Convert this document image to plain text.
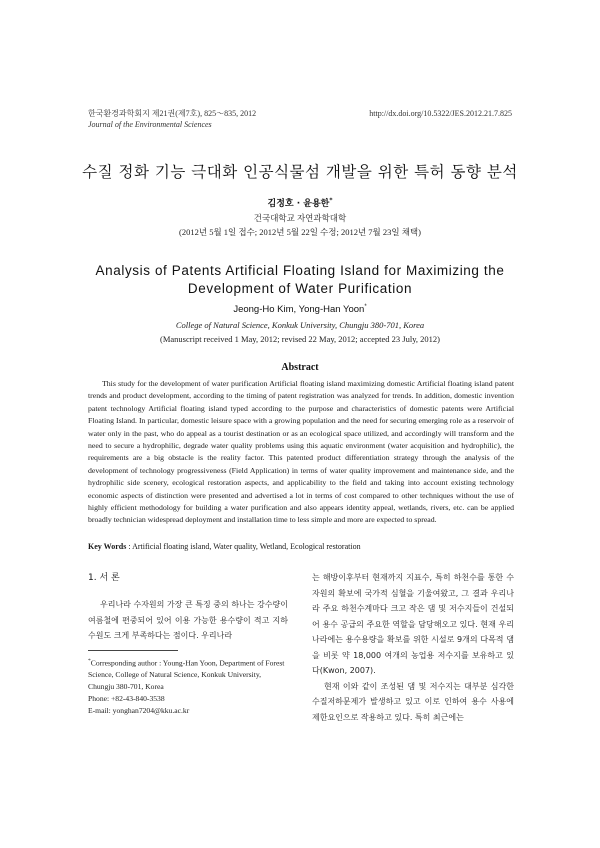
한국환경과학회지 제21권(제7호), 825～835, 2012
Journal of the Environmental Sciences
http://dx.doi.org/10.5322/JES.2012.21.7.825
수질 정화 기능 극대화 인공식물섬 개발을 위한 특허 동향 분석
김정호 · 윤용한*
건국대학교 자연과학대학
(2012년 5월 1일 접수; 2012년 5월 22일 수정; 2012년 7월 23일 채택)
Analysis of Patents Artificial Floating Island for Maximizing the Development of Water Purification
Jeong-Ho Kim, Yong-Han Yoon*
College of Natural Science, Konkuk University, Chungju 380-701, Korea
(Manuscript received 1 May, 2012; revised 22 May, 2012; accepted 23 July, 2012)
Abstract
This study for the development of water purification Artificial floating island maximizing domestic Artificial floating island patent trends and product development, according to the timing of patent registration was analyzed for trends. In addition, domestic invention patent technology Artificial floating island typed according to the purpose and characteristics of domestic patents were Artificial Floating Island. In particular, domestic leisure space with a growing population and the need for securing emerging role as a reservoir of water only in the past, who do appeal as a tourist destination or as an ecological space utilized, and accordingly will transform and the need to secure a hydrophilic, degrade water quality problems using this aquatic environment (water acquisition and hydrophilic), the requirements are a big obstacle is the reality factor. This patented product differentiation strategy through the analysis of the development of technology progressiveness (Field Application) in terms of water quality improvement and maintenance side, and the hydrophilic side scenery, ecological restoration aspects, and applicability to the field and taking into account existing technology economic aspects of distinction were presented and advertised a lot in terms of cost compared to other techniques without the use of highly efficient methodology for building a water purification and also appears identity appeal, wetlands, rivers, etc. can be applied broadly technician widespread deployment and installation time to less simple and more are expected to spread.
Key Words : Artificial floating island, Water quality, Wetland, Ecological restoration
1. 서 론

우리나라 수자원의 가장 큰 특징 중의 하나는 강수량이 여름철에 편중되어 있어 이용 가능한 용수량이 적고 지하수원도 크게 부족하다는 점이다. 우리나라

는 해방이후부터 현재까지 지표수, 특히 하천수를 통한 수자원의 확보에 국가적 심혈을 기울여왔고, 그 결과 우리나라 주요 하천수계마다 크고 작은 댐 및 저수지들이 건설되어 용수 공급의 주요한 역할을 담당해오고 있다. 현재 우리나라에는 용수용량을 확보를 위한 시설로 9개의 다목적 댐을 비롯 약 18,000 여개의 농업용 저수지를 보유하고 있다(Kwon, 2007).

현재 이와 같이 조성된 댐 및 저수지는 대부분 심각한 수질저하문제가 발생하고 있고 이로 인하여 용수 사용에 제한요인으로 작용하고 있다. 특히 최근에는

*Corresponding author : Young-Han Yoon, Department of Forest Science, College of Natural Science, Konkuk University, Chungju 380-701, Korea
Phone: +82-43-840-3538
E-mail: yonghan7204@kku.ac.kr
